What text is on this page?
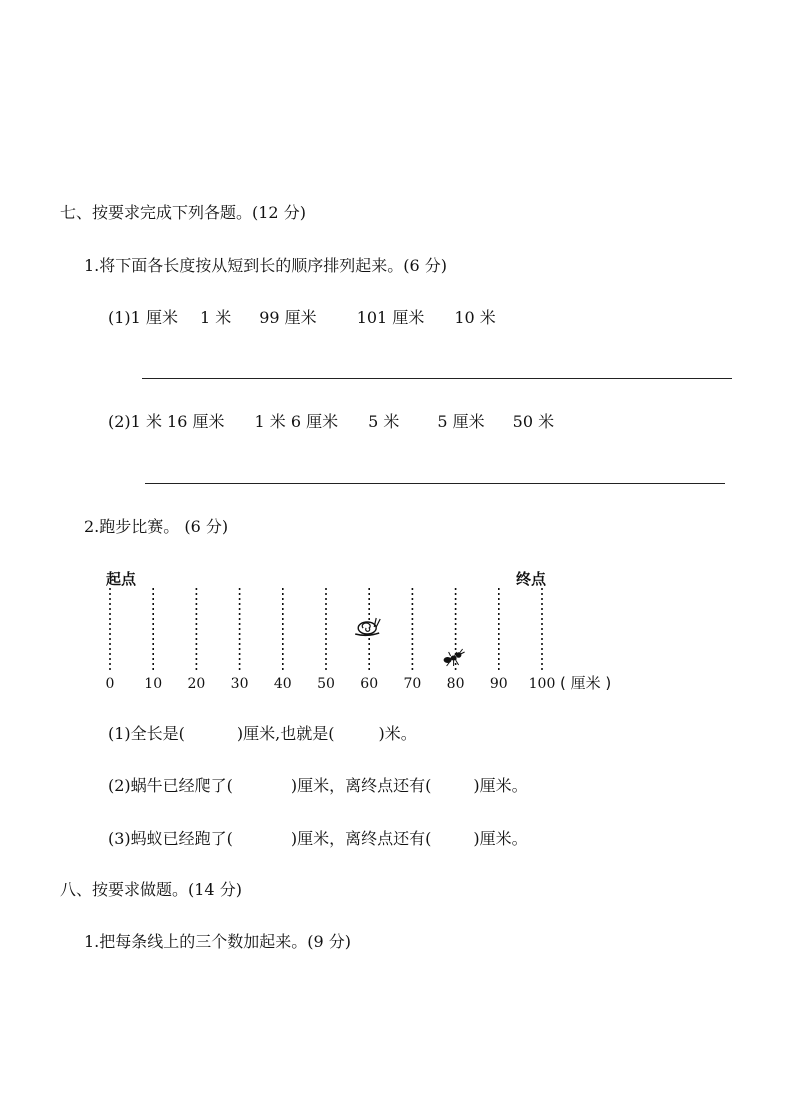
七、按要求完成下列各题。(12 分)
1.将下面各长度按从短到长的顺序排列起来。(6 分)
(1)1 厘米 1 米 99 厘米	101 厘米 10 米
(2)1 米 16 厘米 1 米 6 厘米 5 米 5 厘米 50 米
2.跑步比赛。 (6 分)
0 10 20 30 40 50 60 70 80 90 100
起点	终点
( 厘米 )
(1)全长是(	)厘米,也就是(	)米。
(2)蜗牛已经爬了(	)厘米，离终点还有(	)厘米。
(3)蚂蚁已经跑了(	)厘米，离终点还有(	)厘米。
八、按要求做题。(14 分)
1.把每条线上的三个数加起来。(9 分)
